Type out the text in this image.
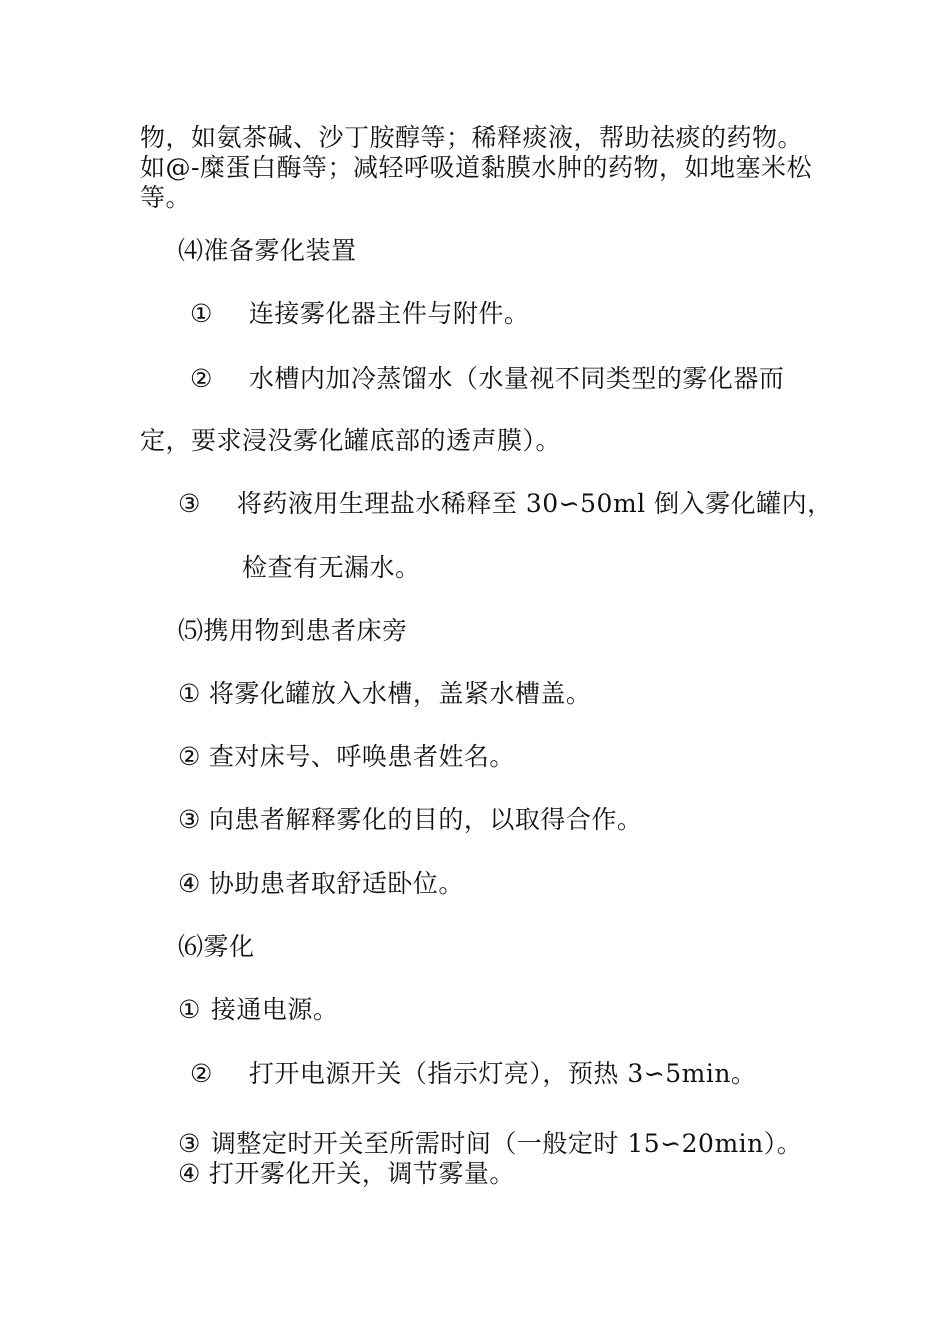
物，如氨茶碱、沙丁胺醇等；稀释痰液，帮助祛痰的药物。
如@-糜蛋白酶等；减轻呼吸道黏膜水肿的药物，如地塞米松
等。
⑷准备雾化装置
① 连接雾化器主件与附件。
② 水槽内加冷蒸馏水（水量视不同类型的雾化器而
定，要求浸没雾化罐底部的透声膜）。
③ 将药液用生理盐水稀释至 30∽50ml 倒入雾化罐内，
检查有无漏水。
⑸携用物到患者床旁
① 将雾化罐放入水槽，盖紧水槽盖。
② 查对床号、呼唤患者姓名。
③ 向患者解释雾化的目的，以取得合作。
④ 协助患者取舒适卧位。
⑹雾化
① 接通电源。
② 打开电源开关（指示灯亮），预热 3∽5min。
③ 调整定时开关至所需时间（一般定时 15∽20min）。
④ 打开雾化开关，调节雾量。
